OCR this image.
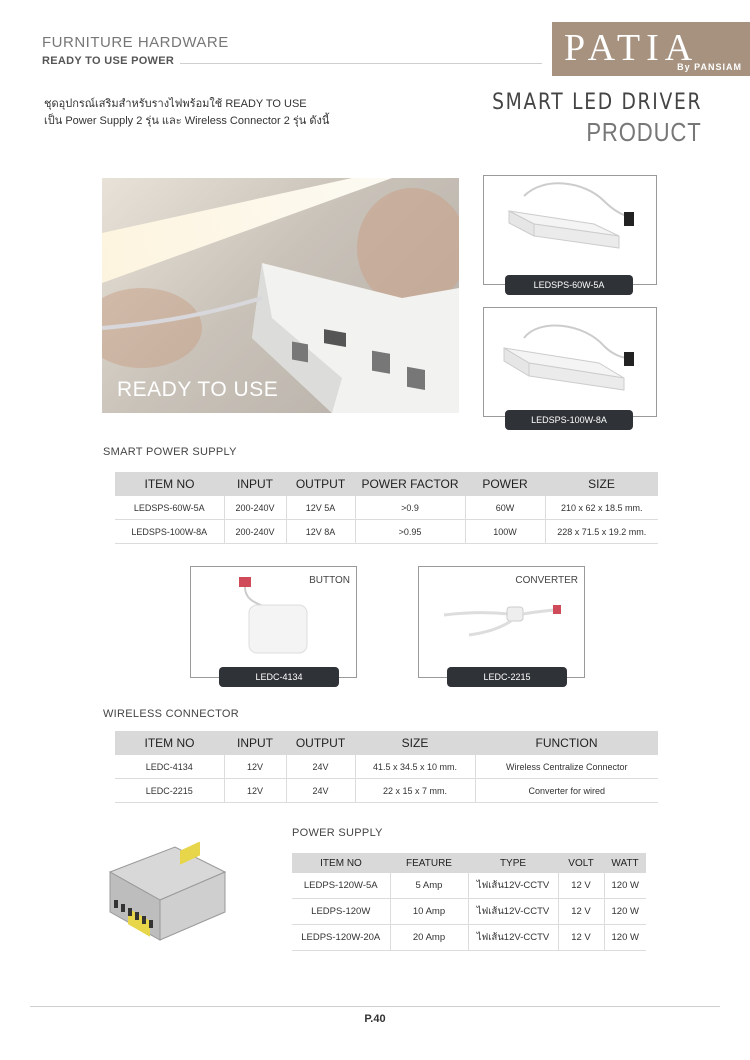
FURNITURE HARDWARE
READY TO USE POWER	PATIA
By PANSIAM
ชุดอุปกรณ์เสริมสำหรับรางไฟพร้อมใช้ READY TO USE
เป็น Power Supply 2 รุ่น และ Wireless Connector 2 รุ่น ดังนี้
SMART LED DRIVER
PRODUCT
READY TO USE
LEDSPS-60W-5A
LEDSPS-100W-8A
SMART POWER SUPPLY
ITEM NO	INPUT	OUTPUT	POWER FACTOR	POWER	SIZE
LEDSPS-60W-5A	200-240V	12V 5A	>0.9	60W	210 x 62 x 18.5 mm.
LEDSPS-100W-8A	200-240V	12V 8A	>0.95	100W	228 x 71.5 x 19.2 mm.
BUTTON
LEDC-4134
CONVERTER
LEDC-2215
WIRELESS CONNECTOR
ITEM NO	INPUT	OUTPUT	SIZE	FUNCTION
LEDC-4134	12V	24V	41.5 x 34.5 x 10 mm.	Wireless Centralize Connector
LEDC-2215	12V	24V	22 x 15 x 7 mm.	Converter for wired
POWER SUPPLY
ITEM NO	FEATURE	TYPE	VOLT	WATT
LEDPS-120W-5A	5 Amp	ไฟเส้น12V-CCTV	12 V	120 W
LEDPS-120W	10 Amp	ไฟเส้น12V-CCTV	12 V	120 W
LEDPS-120W-20A	20 Amp	ไฟเส้น12V-CCTV	12 V	120 W
P.40
